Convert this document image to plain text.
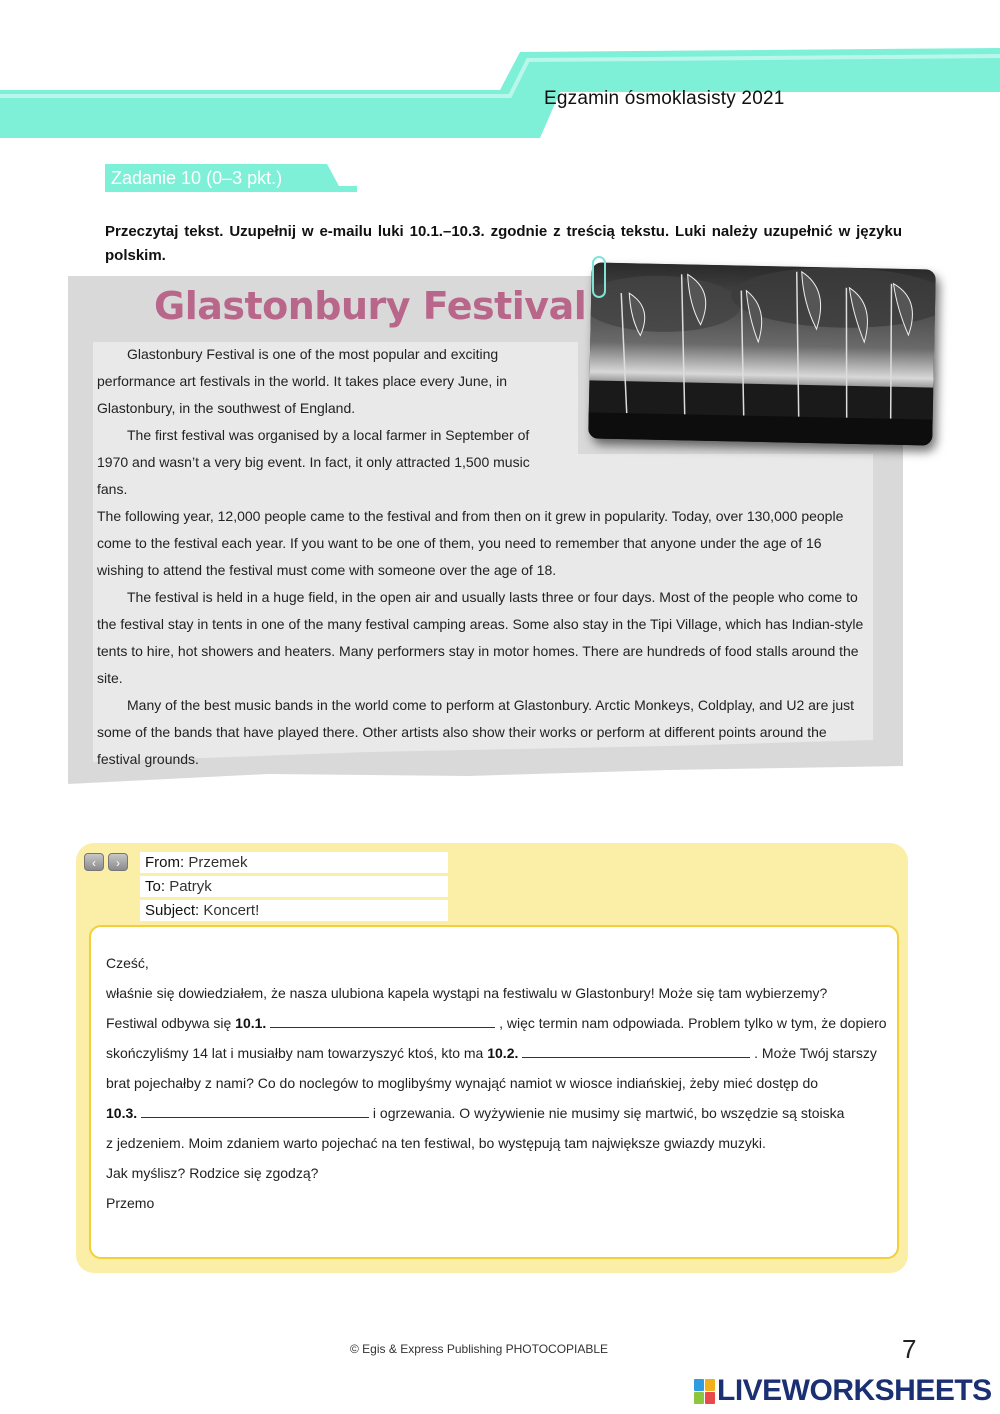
Egzamin ósmoklasisty 2021
Zadanie 10 (0–3 pkt.)
Przeczytaj tekst. Uzupełnij w e-mailu luki 10.1.–10.3. zgodnie z treścią tekstu. Luki należy uzupełnić w języku polskim.
Glastonbury Festival

Glastonbury Festival is one of the most popular and exciting performance art festivals in the world. It takes place every June, in Glastonbury, in the southwest of England.

The first festival was organised by a local farmer in September of 1970 and wasn’t a very big event. In fact, it only attracted 1,500 music fans.

The following year, 12,000 people came to the festival and from then on it grew in popularity. Today, over 130,000 people come to the festival each year. If you want to be one of them, you need to remember that anyone under the age of 16 wishing to attend the festival must come with someone over the age of 18.

The festival is held in a huge field, in the open air and usually lasts three or four days. Most of the people who come to the festival stay in tents in one of the many festival camping areas. Some also stay in the Tipi Village, which has Indian-style tents to hire, hot showers and heaters. Many performers stay in motor homes. There are hundreds of food stalls around the site.

Many of the best music bands in the world come to perform at Glastonbury. Arctic Monkeys, Coldplay, and U2 are just some of the bands that have played there. Other artists also show their works or perform at different points around the festival grounds.

‹	›	From: Przemek
To: Patryk
Subject: Koncert!
Cześć,
właśnie się dowiedziałem, że nasza ulubiona kapela wystąpi na festiwalu w Glastonbury! Może się tam wybierzemy?
Festiwal odbywa się 10.1.	, więc termin nam odpowiada. Problem tylko w tym, że dopiero
skończyliśmy 14 lat i musiałby nam towarzyszyć ktoś, kto ma 10.2.	. Może Twój starszy
brat pojechałby z nami? Co do noclegów to moglibyśmy wynająć namiot w wiosce indiańskiej, żeby mieć dostęp do
10.3.	i ogrzewania. O wyżywienie nie musimy się martwić, bo wszędzie są stoiska
z jedzeniem. Moim zdaniem warto pojechać na ten festiwal, bo występują tam największe gwiazdy muzyki.
Jak myślisz? Rodzice się zgodzą?
Przemo
© Egis & Express Publishing PHOTOCOPIABLE	7
LIVEWORKSHEETS
